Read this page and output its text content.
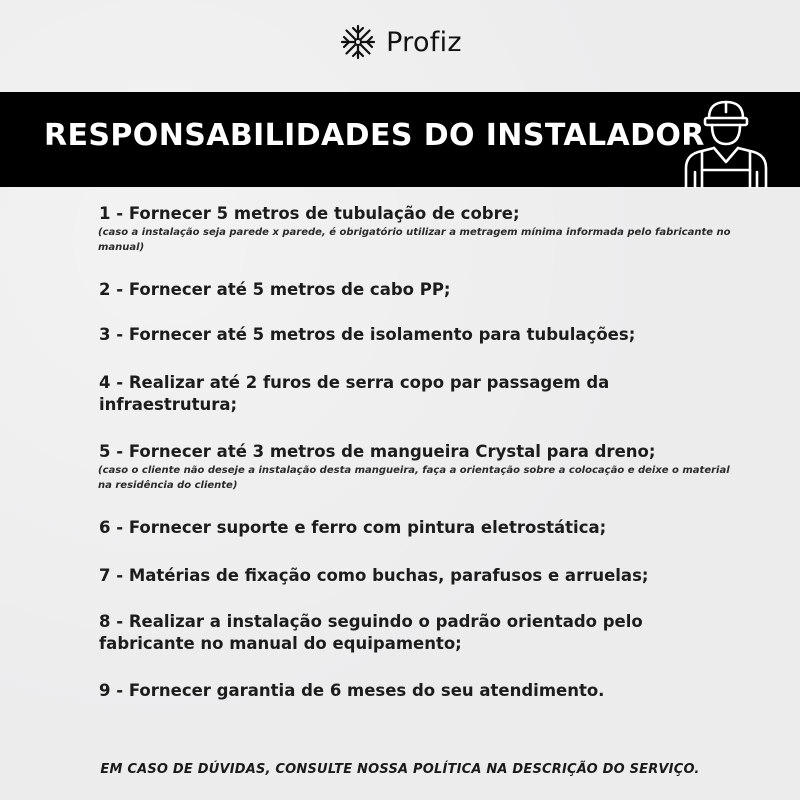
Profiz
RESPONSABILIDADES DO INSTALADOR
1 - Fornecer 5 metros de tubulação de cobre;
(caso a instalação seja parede x parede, é obrigatório utilizar a metragem mínima informada pelo fabricante no manual)
2 - Fornecer até 5 metros de cabo PP;
3 - Fornecer até 5 metros de isolamento para tubulações;
4 - Realizar até 2 furos de serra copo par passagem da infraestrutura;
5 - Fornecer até 3 metros de mangueira Crystal para dreno;
(caso o cliente não deseje a instalação desta mangueira, faça a orientação sobre a colocação e deixe o material na residência do cliente)
6 - Fornecer suporte e ferro com pintura eletrostática;
7 - Matérias de fixação como buchas, parafusos e arruelas;
8 - Realizar a instalação seguindo o padrão orientado pelo fabricante no manual do equipamento;
9 - Fornecer garantia de 6 meses do seu atendimento.
EM CASO DE DÚVIDAS, CONSULTE NOSSA POLÍTICA NA DESCRIÇÃO DO SERVIÇO.
